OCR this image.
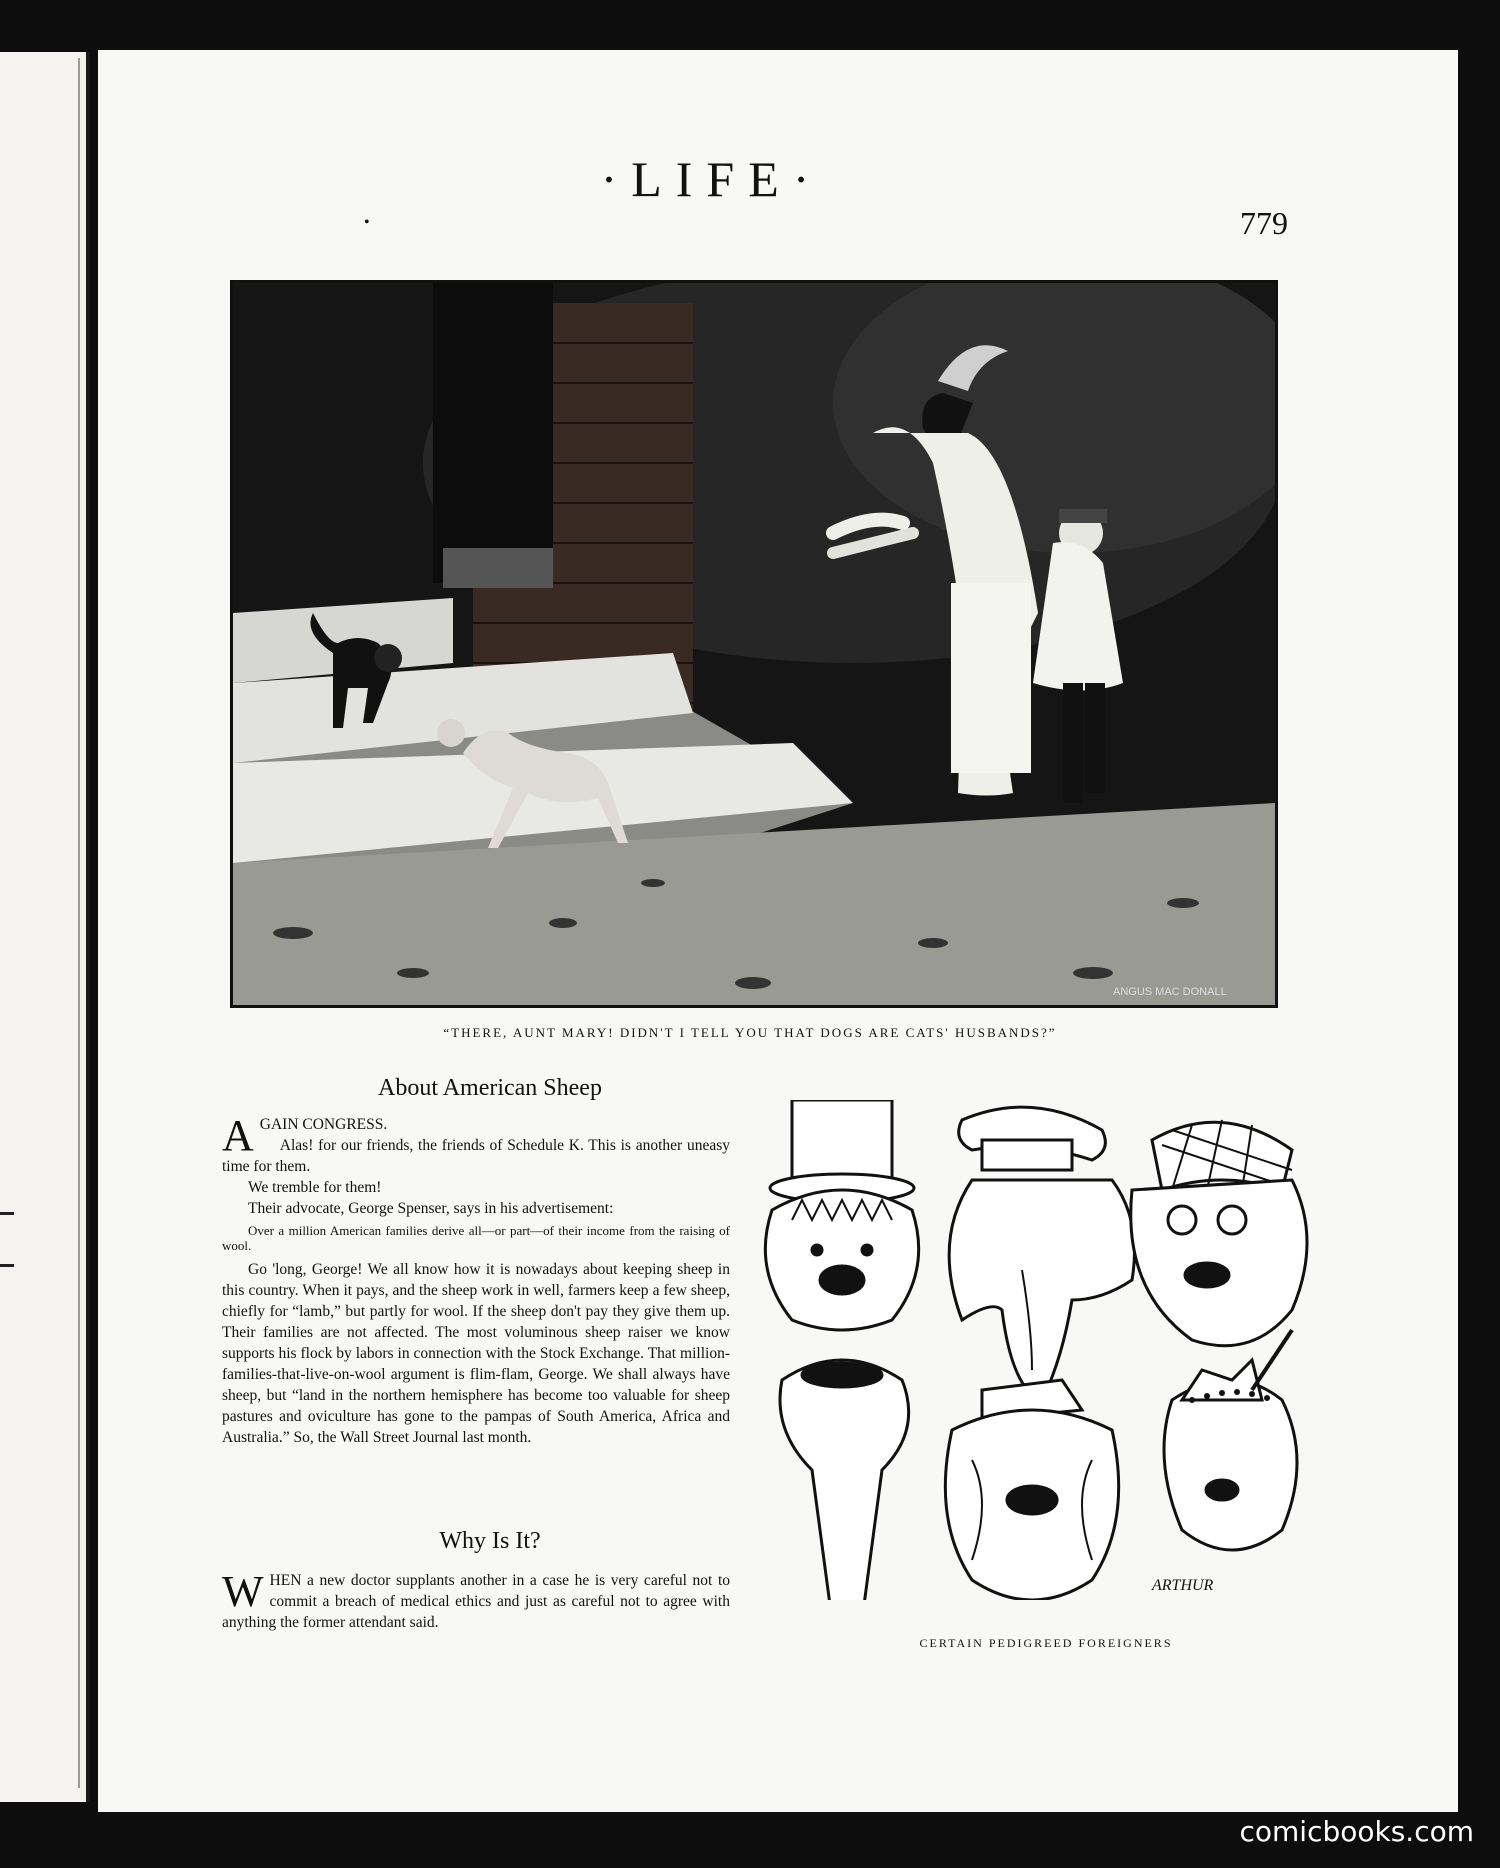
•
·LIFE·
779
ANGUS MAC DONALL
“THERE, AUNT MARY! DIDN'T I TELL YOU THAT DOGS ARE CATS' HUSBANDS?”
About American Sheep

AGAIN CONGRESS.
Alas! for our friends, the friends of Schedule K. This is another uneasy time for them.

We tremble for them!

Their advocate, George Spenser, says in his advertisement:

Over a million American families derive all—or part—of their income from the raising of wool.

Go 'long, George! We all know how it is nowadays about keeping sheep in this country. When it pays, and the sheep work in well, farmers keep a few sheep, chiefly for “lamb,” but partly for wool. If the sheep don't pay they give them up. Their families are not affected. The most voluminous sheep raiser we know supports his flock by labors in connection with the Stock Exchange. That million-families-that-live-on-wool argument is flim-flam, George. We shall always have sheep, but “land in the northern hemisphere has become too valuable for sheep pastures and oviculture has gone to the pampas of South America, Africa and Australia.” So, the Wall Street Journal last month.

Why Is It?

WHEN a new doctor supplants another in a case he is very careful not to commit a breach of medical ethics and just as careful not to agree with anything the former attendant said.

ARTHUR
CERTAIN PEDIGREED FOREIGNERS
comicbooks.com
